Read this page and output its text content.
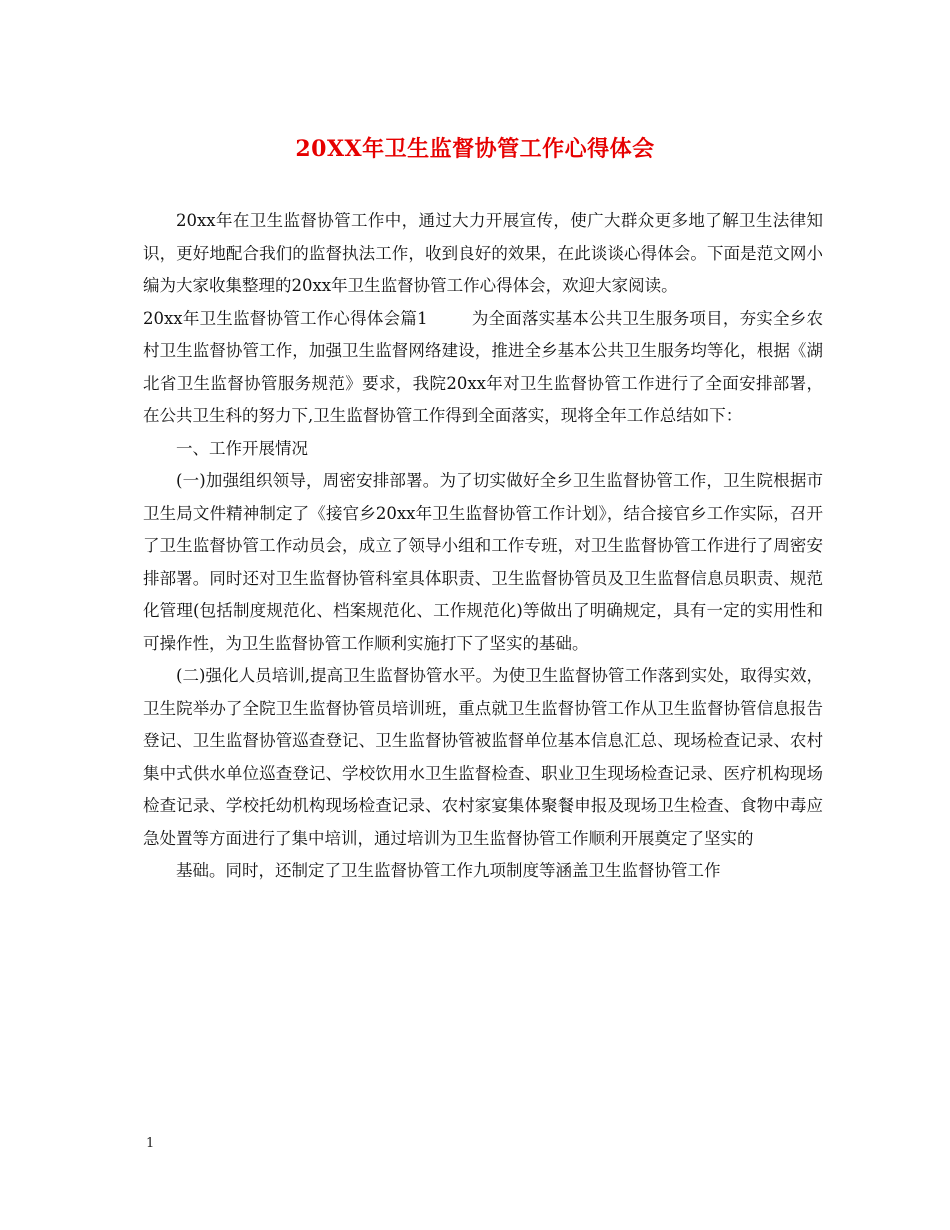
20XX年卫生监督协管工作心得体会

20xx年在卫生监督协管工作中，通过大力开展宣传，使广大群众更多地了解卫生法律知识，更好地配合我们的监督执法工作，收到良好的效果，在此谈谈心得体会。下面是范文网小编为大家收集整理的20xx年卫生监督协管工作心得体会，欢迎大家阅读。

20xx年卫生监督协管工作心得体会篇1	为全面落实基本公共卫生服务项目，夯实全乡农村卫生监督协管工作，加强卫生监督网络建设，推进全乡基本公共卫生服务均等化，根据《湖北省卫生监督协管服务规范》要求，我院20xx年对卫生监督协管工作进行了全面安排部署，在公共卫生科的努力下,卫生监督协管工作得到全面落实，现将全年工作总结如下：

一、工作开展情况

(一)加强组织领导，周密安排部署。为了切实做好全乡卫生监督协管工作，卫生院根据市卫生局文件精神制定了《接官乡20xx年卫生监督协管工作计划》，结合接官乡工作实际，召开了卫生监督协管工作动员会，成立了领导小组和工作专班，对卫生监督协管工作进行了周密安排部署。同时还对卫生监督协管科室具体职责、卫生监督协管员及卫生监督信息员职责、规范化管理(包括制度规范化、档案规范化、工作规范化)等做出了明确规定，具有一定的实用性和可操作性，为卫生监督协管工作顺利实施打下了坚实的基础。

(二)强化人员培训,提高卫生监督协管水平。为使卫生监督协管工作落到实处，取得实效，卫生院举办了全院卫生监督协管员培训班，重点就卫生监督协管工作从卫生监督协管信息报告登记、卫生监督协管巡查登记、卫生监督协管被监督单位基本信息汇总、现场检查记录、农村集中式供水单位巡查登记、学校饮用水卫生监督检查、职业卫生现场检查记录、医疗机构现场检查记录、学校托幼机构现场检查记录、农村家宴集体聚餐申报及现场卫生检查、食物中毒应急处置等方面进行了集中培训，通过培训为卫生监督协管工作顺利开展奠定了坚实的

基础。同时，还制定了卫生监督协管工作九项制度等涵盖卫生监督协管工作

1
